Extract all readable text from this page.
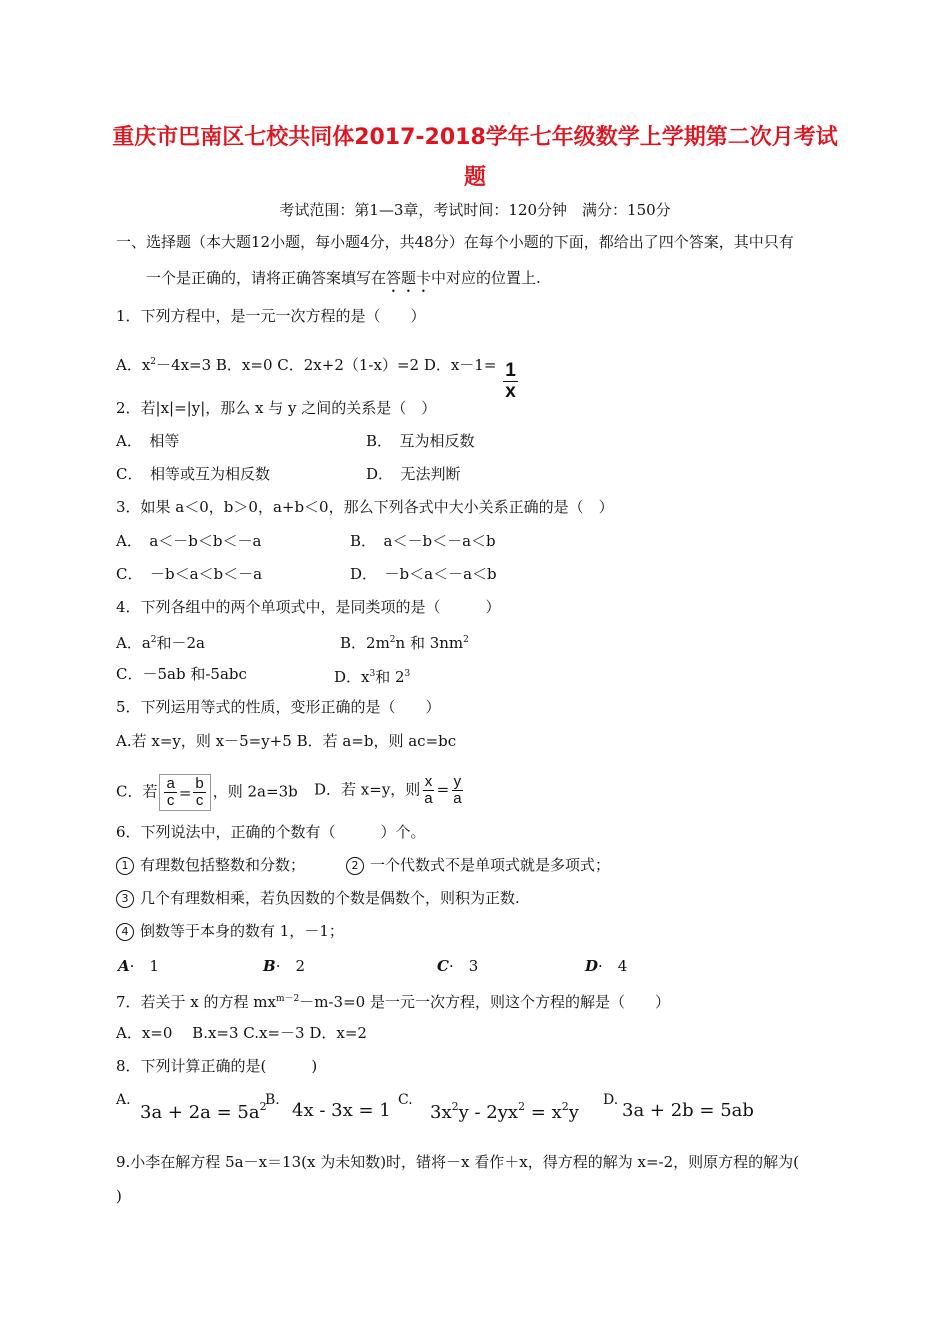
重庆市巴南区七校共同体2017-2018学年七年级数学上学期第二次月考试
题
考试范围：第1—3章，考试时间：120分钟　满分：150分
一、选择题（本大题12小题，每小题4分，共48分）在每个小题的下面，都给出了四个答案，其中只有
一个是正确的，请将正确答案填写在答题卡中对应的位置上.
1．下列方程中，是一元一次方程的是（　　）
A．$x^2-4x=3$ B．x=0 C．2x+2（1-x）=2 D．$x-1= \frac{1}{x}$
2．若|x|=|y|，那么 x 与 y 之间的关系是（　）
A．　相等	B．　互为相反数
C．　相等或互为相反数	D．　无法判断
3．如果 a＜0，b＞0，a+b＜0，那么下列各式中大小关系正确的是（　）
A．　a＜－b＜b＜－a	B．　a＜－b＜－a＜b
C．　－b＜a＜b＜－a	D．　－b＜a＜－a＜b
4．下列各组中的两个单项式中，是同类项的是（　　　）
A．$a^2$和－2a	B．$2m^2n$ 和 $3nm^2$
C．－5ab 和-5abc	D．$x^3$和 $2^3$
5．下列运用等式的性质，变形正确的是（　　）
A.若 x=y，则 x－5=y+5 B．若 a=b，则 ac=bc
C．若 $\frac{a}{c} = \frac{b}{c}$ ，则 2a=3b D．若 x=y，则 $\frac{x}{a} = \frac{y}{a}$
6．下列说法中，正确的个数有（　　　）个。
1 有理数包括整数和分数；	2 一个代数式不是单项式就是多项式；
3 几个有理数相乘，若负因数的个数是偶数个，则积为正数.
4 倒数等于本身的数有 1，－1；
A·　1	B·　2	C·　3	D·　4
7．若关于 x 的方程 $mx^{m-2}-m-3=0$ 是一元一次方程，则这个方程的解是（　　）
A．x=0　 B.x=3 C.x=－3 D．x=2
8．下列计算正确的是(　　　)
A.
$3a + 2a = 5a^2$
B. 4x - 3x = 1 C.
$3x^2y - 2yx^2 = x^2y$
D. 3a + 2b = 5ab
9.小李在解方程 5a－x＝13(x 为未知数)时，错将－x 看作＋x，得方程的解为 x=-2，则原方程的解为(
)
